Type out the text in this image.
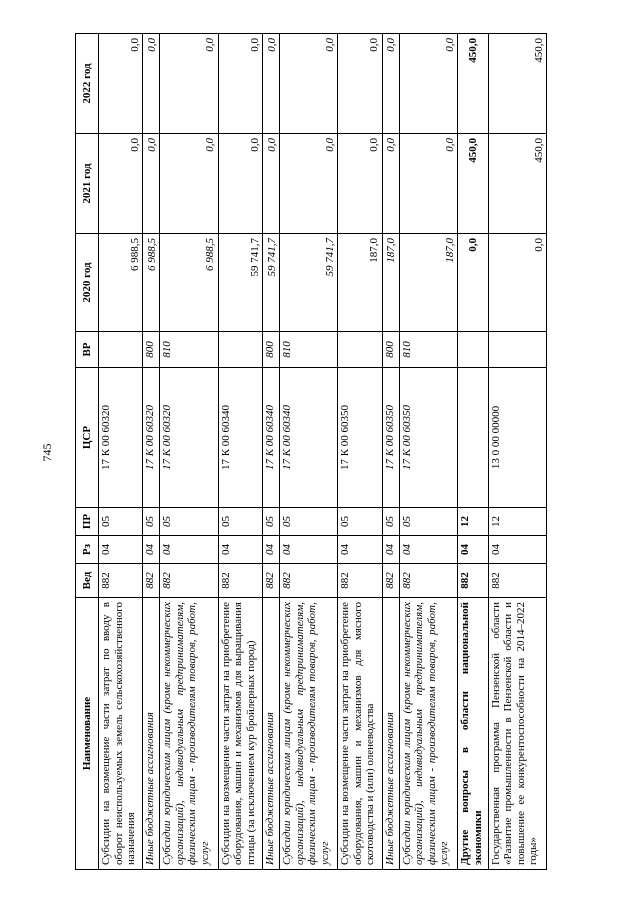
745
Наименование	Вед	Рз	ПР	ЦСР	ВР	2020 год	2021 год	2022 год
Субсидии на возмещение части затрат по вводу в оборот неиспользуемых земель сельскохозяйственного назначения	882	04	05	17 К 00 60320		6 988,5	0,0	0,0
Иные бюджетные ассигнования	882	04	05	17 К 00 60320	800	6 988,5	0,0	0,0
Субсидии юридическим лицам (кроме некоммерческих организаций), индивидуальным предпринимателям, физическим лицам - производителям товаров, работ, услуг	882	04	05	17 К 00 60320	810	6 988,5	0,0	0,0
Субсидии на возмещение части затрат на приобретение оборудования, машин и механизмов для выращивания птицы (за исключением кур бройлерных пород)	882	04	05	17 К 00 60340		59 741,7	0,0	0,0
Иные бюджетные ассигнования	882	04	05	17 К 00 60340	800	59 741,7	0,0	0,0
Субсидии юридическим лицам (кроме некоммерческих организаций), индивидуальным предпринимателям, физическим лицам - производителям товаров, работ, услуг	882	04	05	17 К 00 60340	810	59 741,7	0,0	0,0
Субсидии на возмещение части затрат на приобретение оборудования, машин и механизмов для мясного скотоводства и (или) оленеводства	882	04	05	17 К 00 60350		187,0	0,0	0,0
Иные бюджетные ассигнования	882	04	05	17 К 00 60350	800	187,0	0,0	0,0
Субсидии юридическим лицам (кроме некоммерческих организаций), индивидуальным предпринимателям, физическим лицам - производителям товаров, работ, услуг	882	04	05	17 К 00 60350	810	187,0	0,0	0,0
Другие вопросы в области национальной экономики	882	04	12			0,0	450,0	450,0
Государственная программа Пензенской области «Развитие промышленности в Пензенской области и повышение ее конкурентоспособности на 2014–2022 годы»	882	04	12	13 0 00 00000		0,0	450,0	450,0
